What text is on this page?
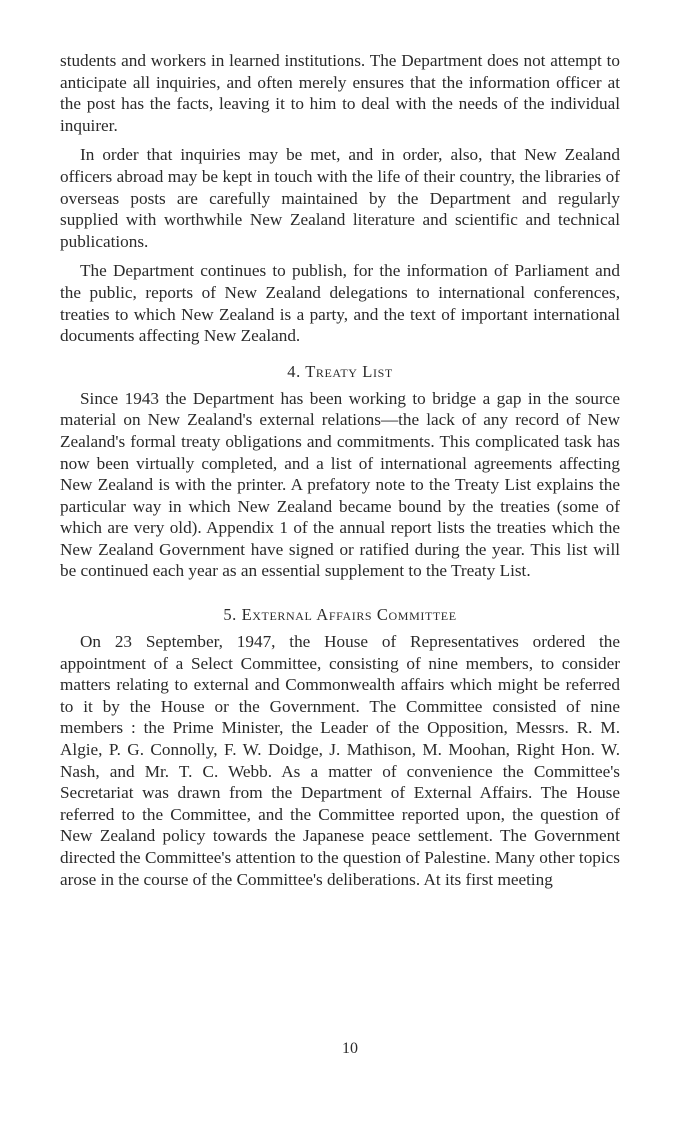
students and workers in learned institutions. The Department does not attempt to anticipate all inquiries, and often merely ensures that the information officer at the post has the facts, leaving it to him to deal with the needs of the individual inquirer.

In order that inquiries may be met, and in order, also, that New Zealand officers abroad may be kept in touch with the life of their country, the libraries of overseas posts are carefully maintained by the Department and regularly supplied with worthwhile New Zealand literature and scientific and technical publications.

The Department continues to publish, for the information of Parliament and the public, reports of New Zealand delegations to international conferences, treaties to which New Zealand is a party, and the text of important international documents affecting New Zealand.

4. Treaty List

Since 1943 the Department has been working to bridge a gap in the source material on New Zealand's external relations—the lack of any record of New Zealand's formal treaty obligations and commitments. This complicated task has now been virtually completed, and a list of international agreements affecting New Zealand is with the printer. A prefatory note to the Treaty List explains the particular way in which New Zealand became bound by the treaties (some of which are very old). Appendix 1 of the annual report lists the treaties which the New Zealand Government have signed or ratified during the year. This list will be continued each year as an essential supplement to the Treaty List.

5. External Affairs Committee

On 23 September, 1947, the House of Representatives ordered the appointment of a Select Committee, consisting of nine members, to consider matters relating to external and Commonwealth affairs which might be referred to it by the House or the Government. The Committee consisted of nine members : the Prime Minister, the Leader of the Opposition, Messrs. R. M. Algie, P. G. Connolly, F. W. Doidge, J. Mathison, M. Moohan, Right Hon. W. Nash, and Mr. T. C. Webb. As a matter of convenience the Committee's Secretariat was drawn from the Department of External Affairs. The House referred to the Committee, and the Committee reported upon, the question of New Zealand policy towards the Japanese peace settlement. The Government directed the Committee's attention to the question of Palestine. Many other topics arose in the course of the Committee's deliberations. At its first meeting

10
